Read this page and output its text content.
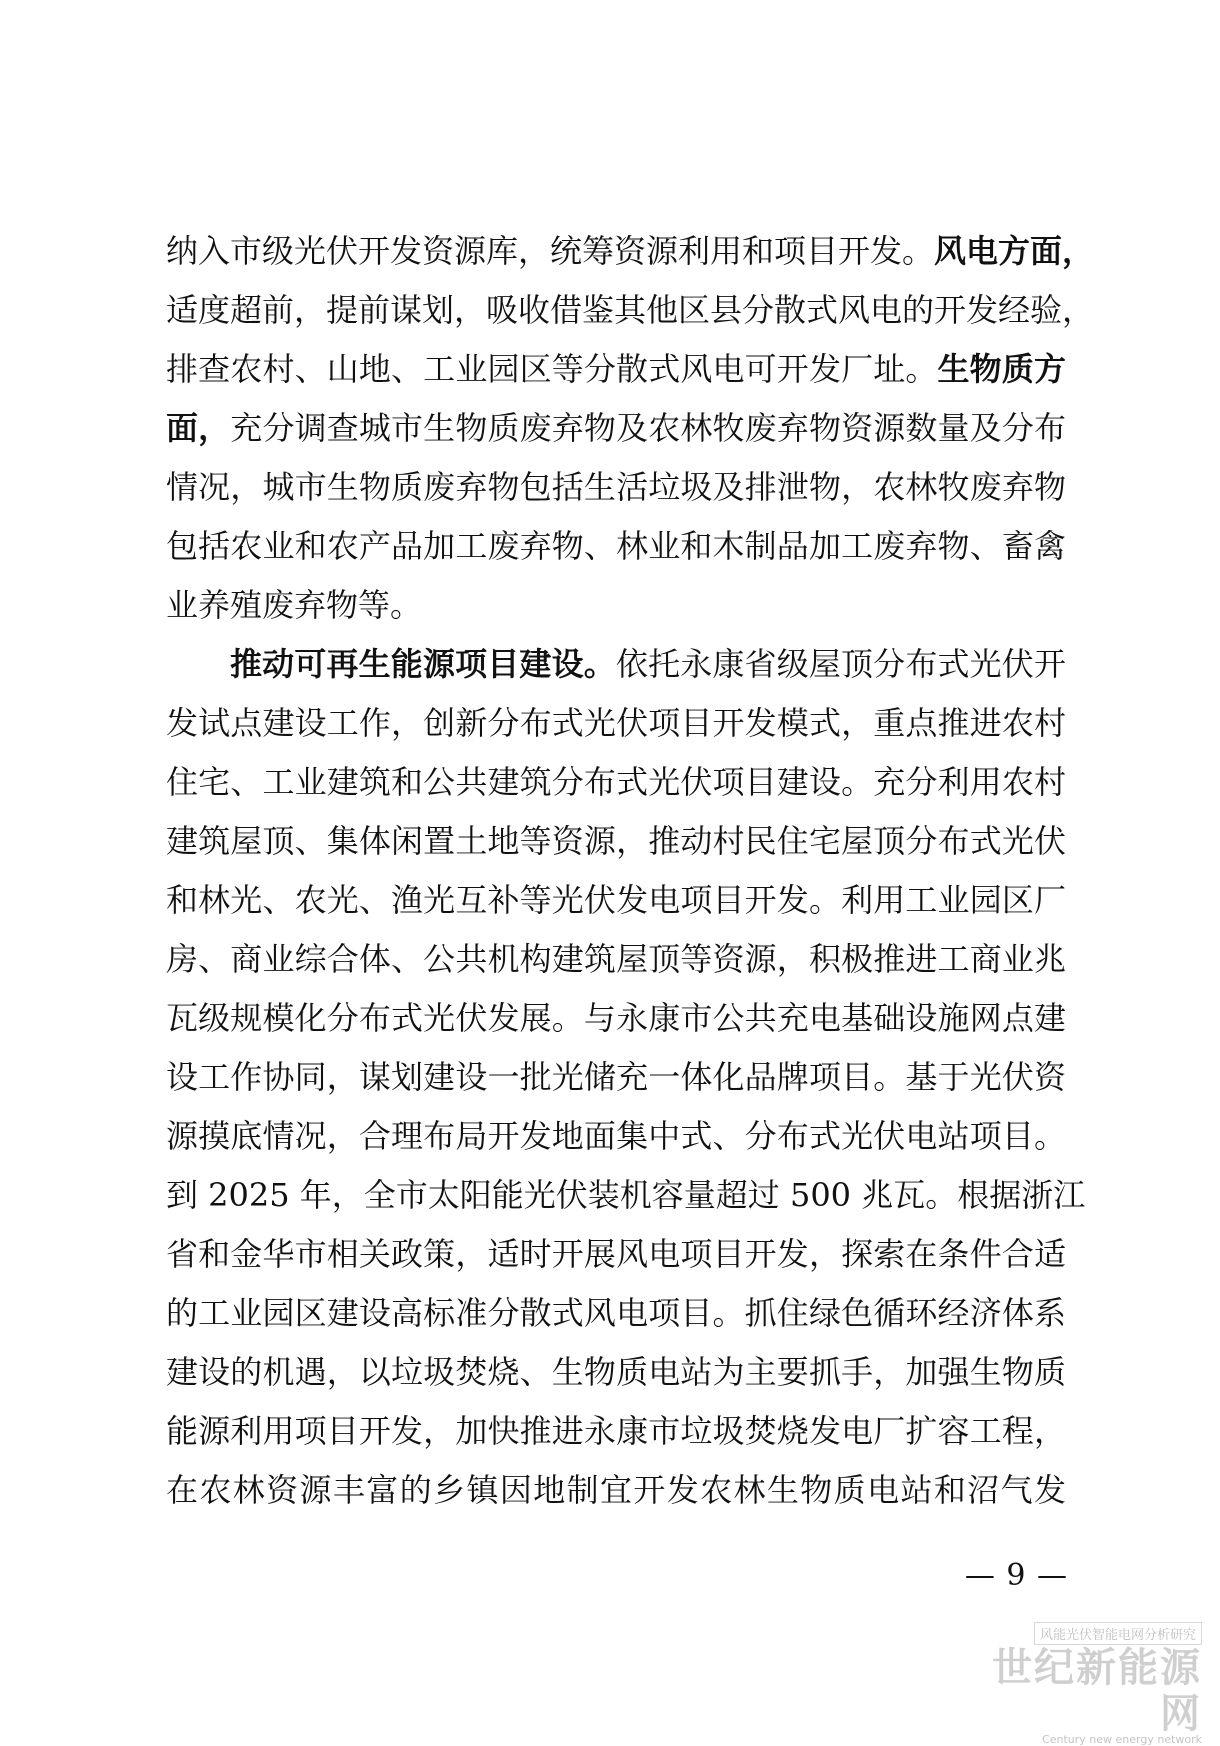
纳入市级光伏开发资源库，统筹资源利用和项目开发。风电方面，
适度超前，提前谋划，吸收借鉴其他区县分散式风电的开发经验，
排查农村、山地、工业园区等分散式风电可开发厂址。生物质方
面，充分调查城市生物质废弃物及农林牧废弃物资源数量及分布
情况，城市生物质废弃物包括生活垃圾及排泄物，农林牧废弃物
包括农业和农产品加工废弃物、林业和木制品加工废弃物、畜禽
业养殖废弃物等。
推动可再生能源项目建设。依托永康省级屋顶分布式光伏开
发试点建设工作，创新分布式光伏项目开发模式，重点推进农村
住宅、工业建筑和公共建筑分布式光伏项目建设。充分利用农村
建筑屋顶、集体闲置土地等资源，推动村民住宅屋顶分布式光伏
和林光、农光、渔光互补等光伏发电项目开发。利用工业园区厂
房、商业综合体、公共机构建筑屋顶等资源，积极推进工商业兆
瓦级规模化分布式光伏发展。与永康市公共充电基础设施网点建
设工作协同，谋划建设一批光储充一体化品牌项目。基于光伏资
源摸底情况，合理布局开发地面集中式、分布式光伏电站项目。
到 2025 年，全市太阳能光伏装机容量超过 500 兆瓦。根据浙江
省和金华市相关政策，适时开展风电项目开发，探索在条件合适
的工业园区建设高标准分散式风电项目。抓住绿色循环经济体系
建设的机遇，以垃圾焚烧、生物质电站为主要抓手，加强生物质
能源利用项目开发，加快推进永康市垃圾焚烧发电厂扩容工程，
在农林资源丰富的乡镇因地制宜开发农林生物质电站和沼气发
— 9 —
风能光伏智能电网分析研究
世纪新能源网
Century new energy network
